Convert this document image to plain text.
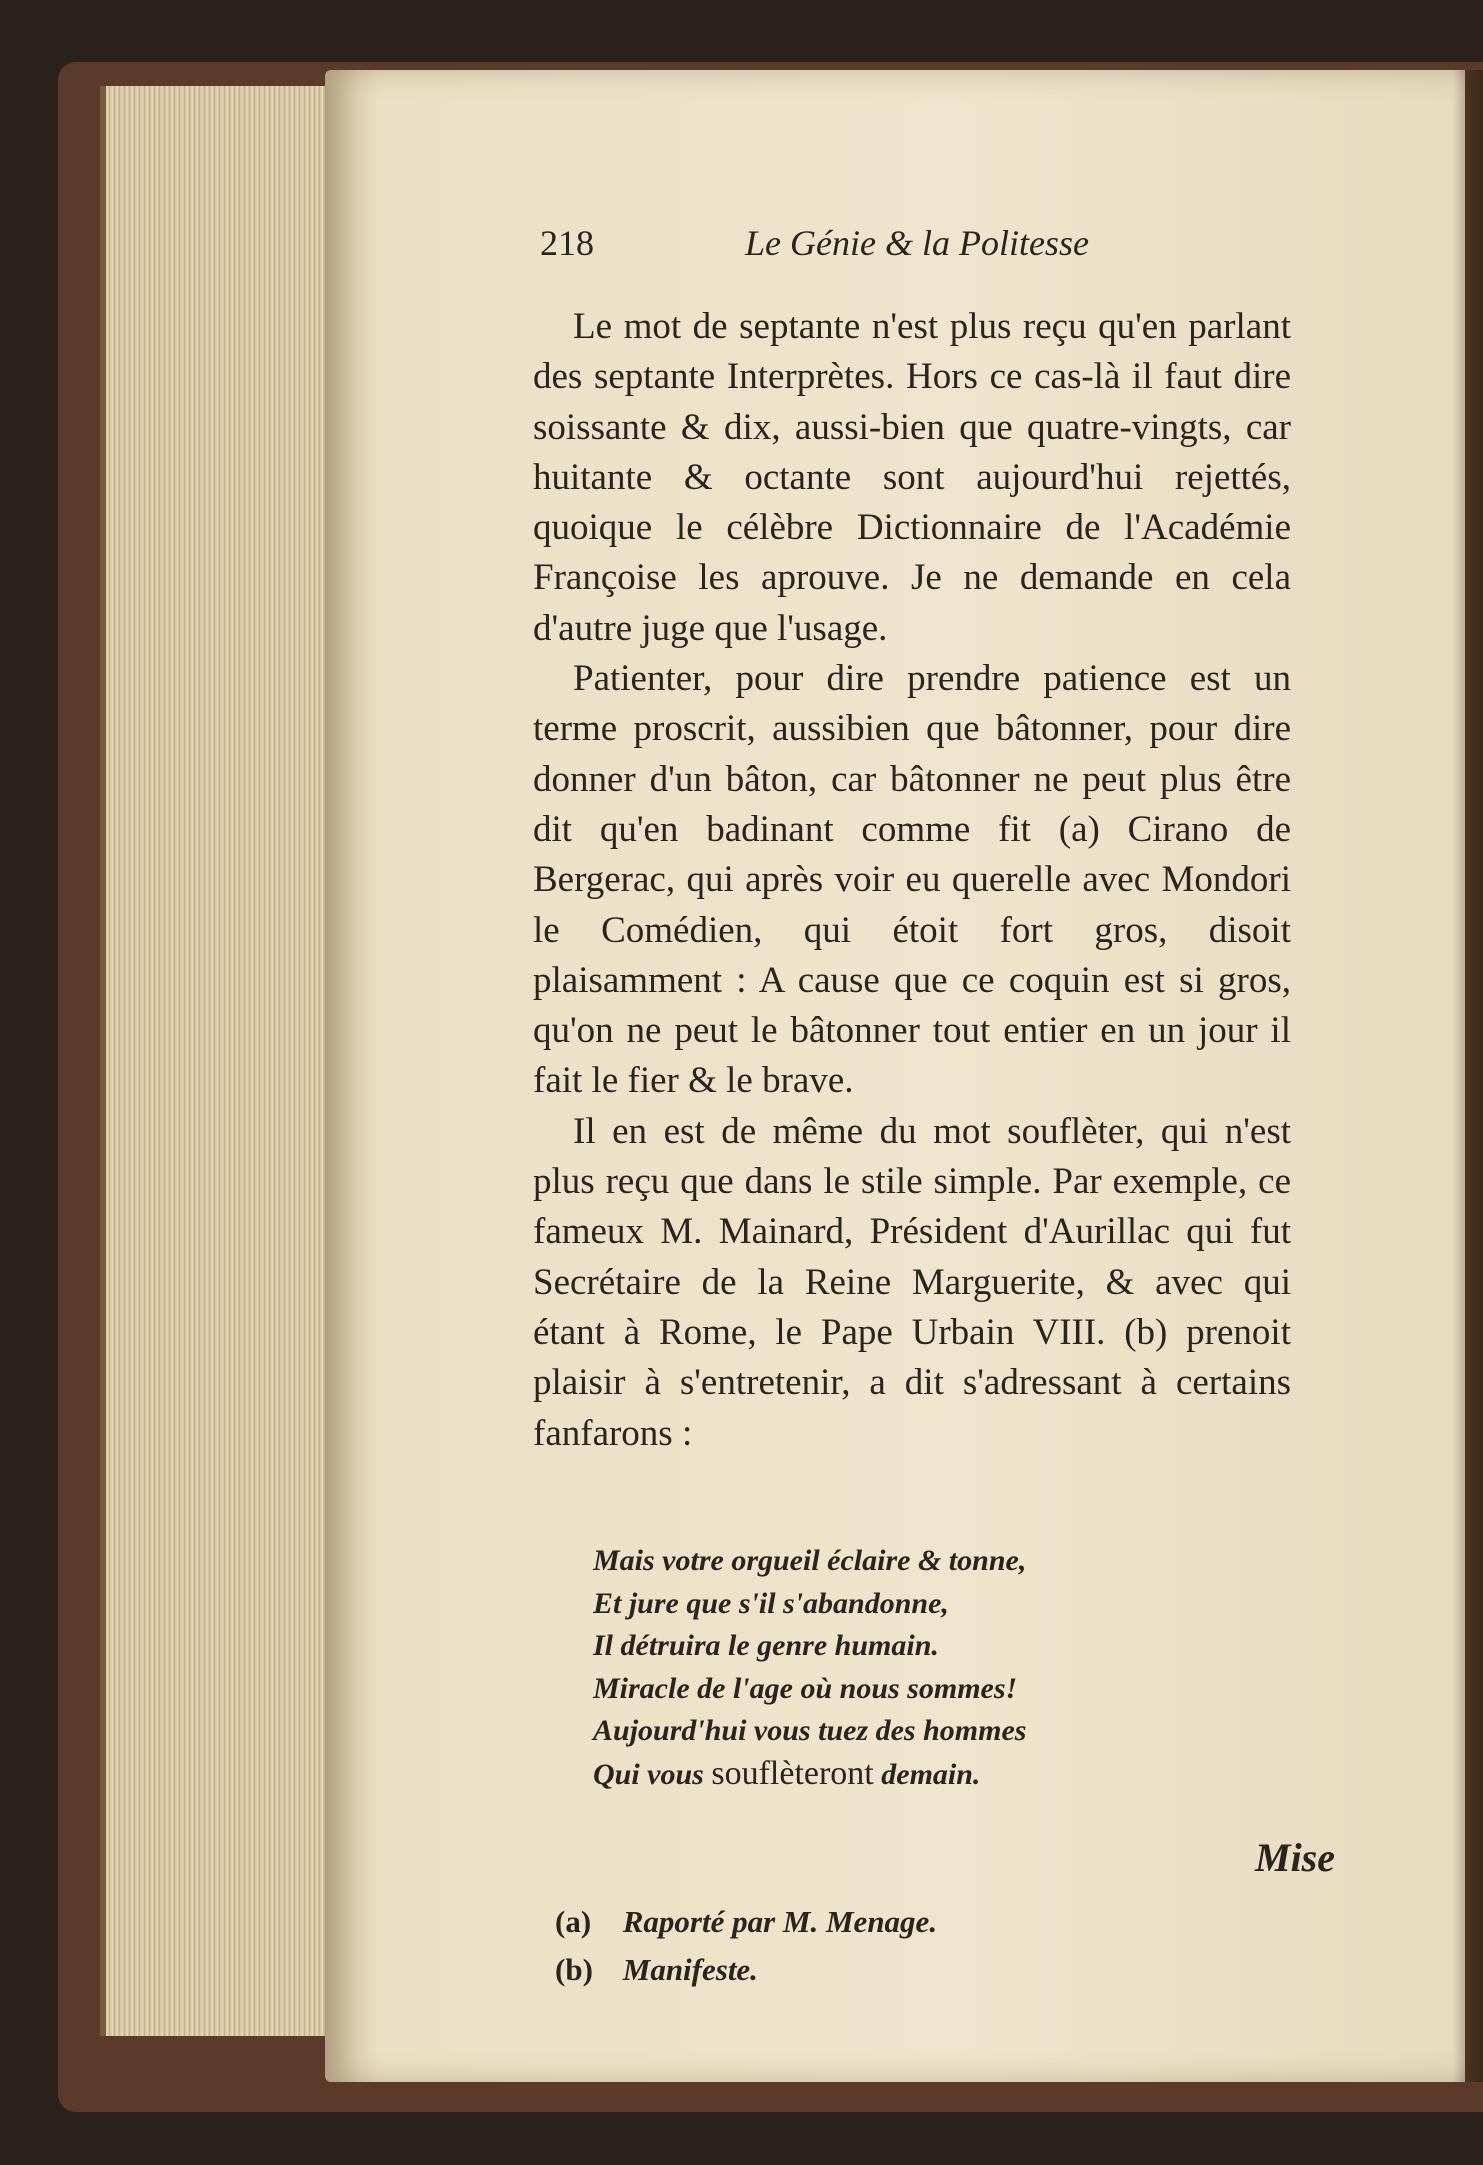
218	Le Génie & la Politesse

Le mot de septante n'est plus reçu qu'en parlant des septante Interprètes. Hors ce cas-là il faut dire soissante & dix, aussi-bien que quatre-vingts, car huitante & octante sont aujourd'hui rejettés, quoique le célèbre Dictionnaire de l'Académie Françoise les aprouve. Je ne demande en cela d'autre juge que l'usage.

Patienter, pour dire prendre patience est un terme proscrit, aussibien que bâtonner, pour dire donner d'un bâton, car bâtonner ne peut plus être dit qu'en badinant comme fit (a) Cirano de Bergerac, qui après voir eu querelle avec Mondori le Comédien, qui étoit fort gros, disoit plaisamment : A cause que ce coquin est si gros, qu'on ne peut le bâtonner tout entier en un jour il fait le fier & le brave.

Il en est de même du mot souflèter, qui n'est plus reçu que dans le stile simple. Par exemple, ce fameux M. Mainard, Président d'Aurillac qui fut Secrétaire de la Reine Marguerite, & avec qui étant à Rome, le Pape Urbain VIII. (b) prenoit plaisir à s'entretenir, a dit s'adressant à certains fanfarons :

Mais votre orgueil éclaire & tonne,
Et jure que s'il s'abandonne,
Il détruira le genre humain.
Miracle de l'age où nous sommes!
Aujourd'hui vous tuez des hommes
Qui vous souflèteront demain.
Mise
(a) Raporté par M. Menage.
(b) Manifeste.
